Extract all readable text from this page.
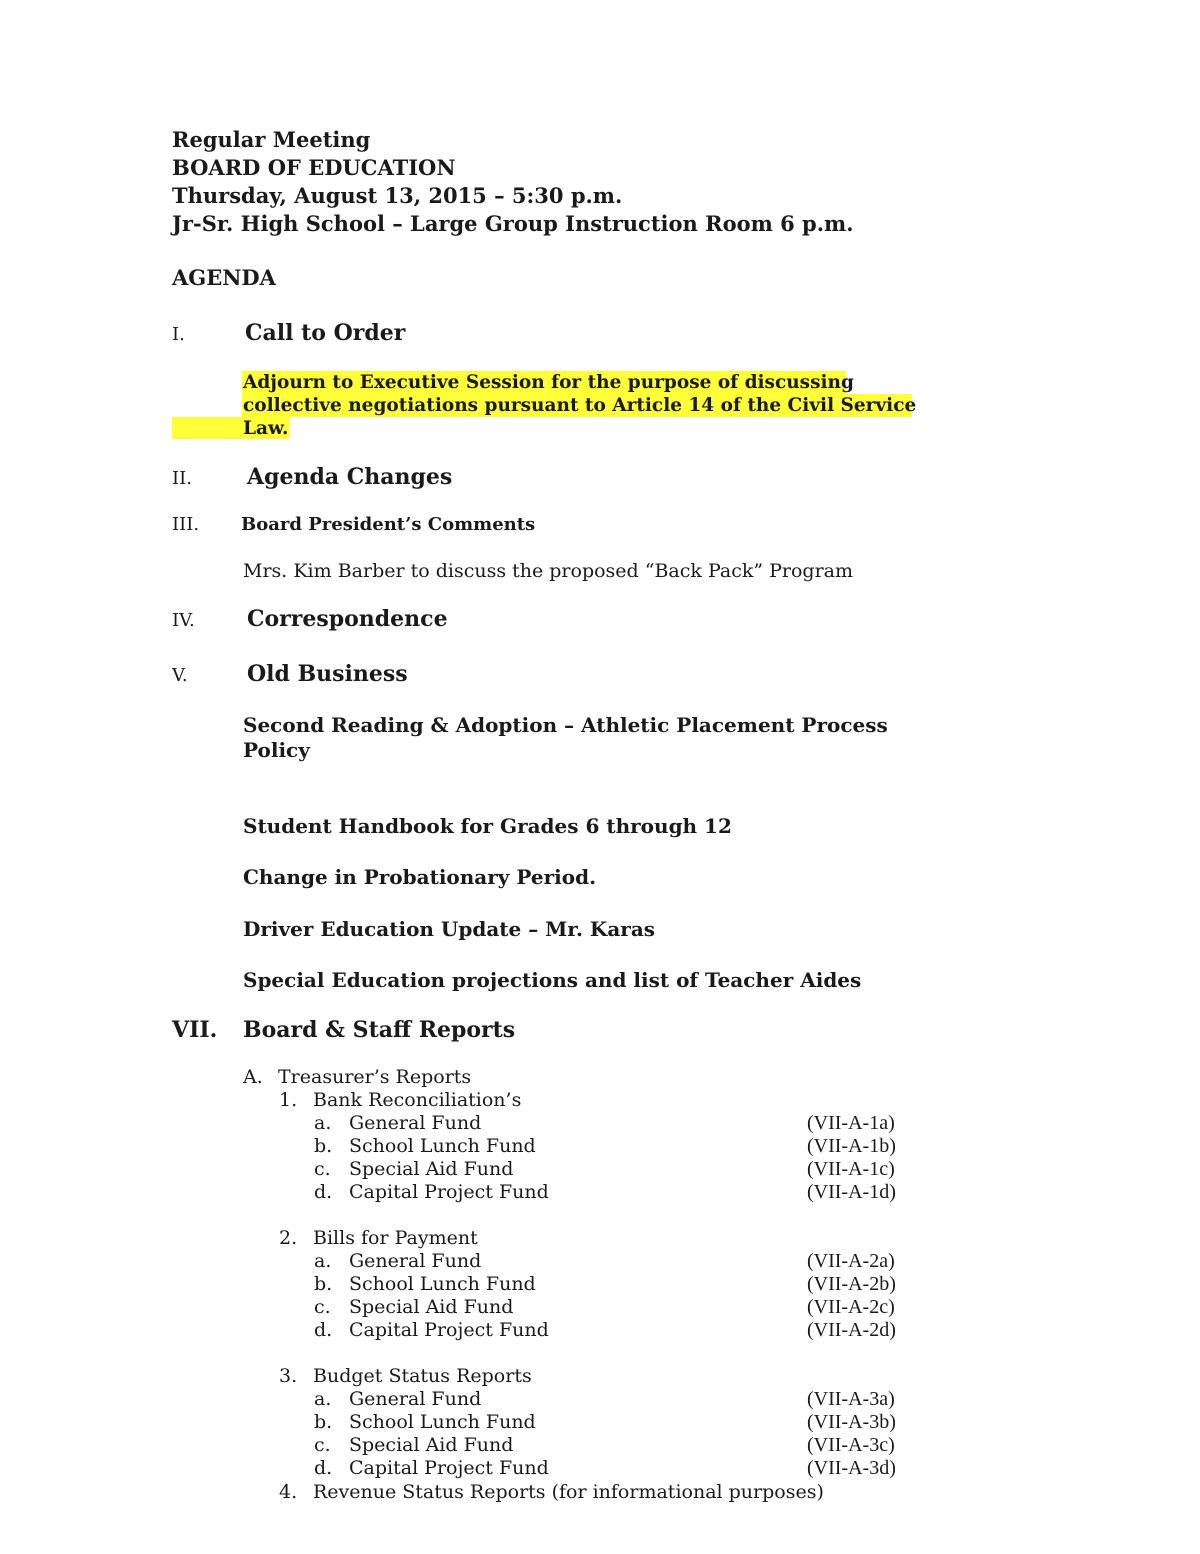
Regular Meeting
BOARD OF EDUCATION
Thursday, August 13, 2015 – 5:30 p.m.
Jr-Sr. High School – Large Group Instruction Room 6 p.m.
AGENDA
I.	Call to Order
Adjourn to Executive Session for the purpose of discussing
collective negotiations pursuant to Article 14 of the Civil Service
Law.
II.	Agenda Changes
III. Board President’s Comments
Mrs. Kim Barber to discuss the proposed “Back Pack” Program
IV. Correspondence
V.	Old Business
Second Reading & Adoption – Athletic Placement Process
Policy
Student Handbook for Grades 6 through 12
Change in Probationary Period.
Driver Education Update – Mr. Karas
Special Education projections and list of Teacher Aides
VII. Board & Staff Reports
A. Treasurer’s Reports
1. Bank Reconciliation’s
a. General Fund	(VII-A-1a)
b. School Lunch Fund	(VII-A-1b)
c. Special Aid Fund	(VII-A-1c)
d. Capital Project Fund	(VII-A-1d)
2. Bills for Payment
a. General Fund	(VII-A-2a)
b. School Lunch Fund	(VII-A-2b)
c. Special Aid Fund	(VII-A-2c)
d. Capital Project Fund	(VII-A-2d)
3. Budget Status Reports
a. General Fund	(VII-A-3a)
b. School Lunch Fund	(VII-A-3b)
c. Special Aid Fund	(VII-A-3c)
d. Capital Project Fund	(VII-A-3d)
4. Revenue Status Reports (for informational purposes)
